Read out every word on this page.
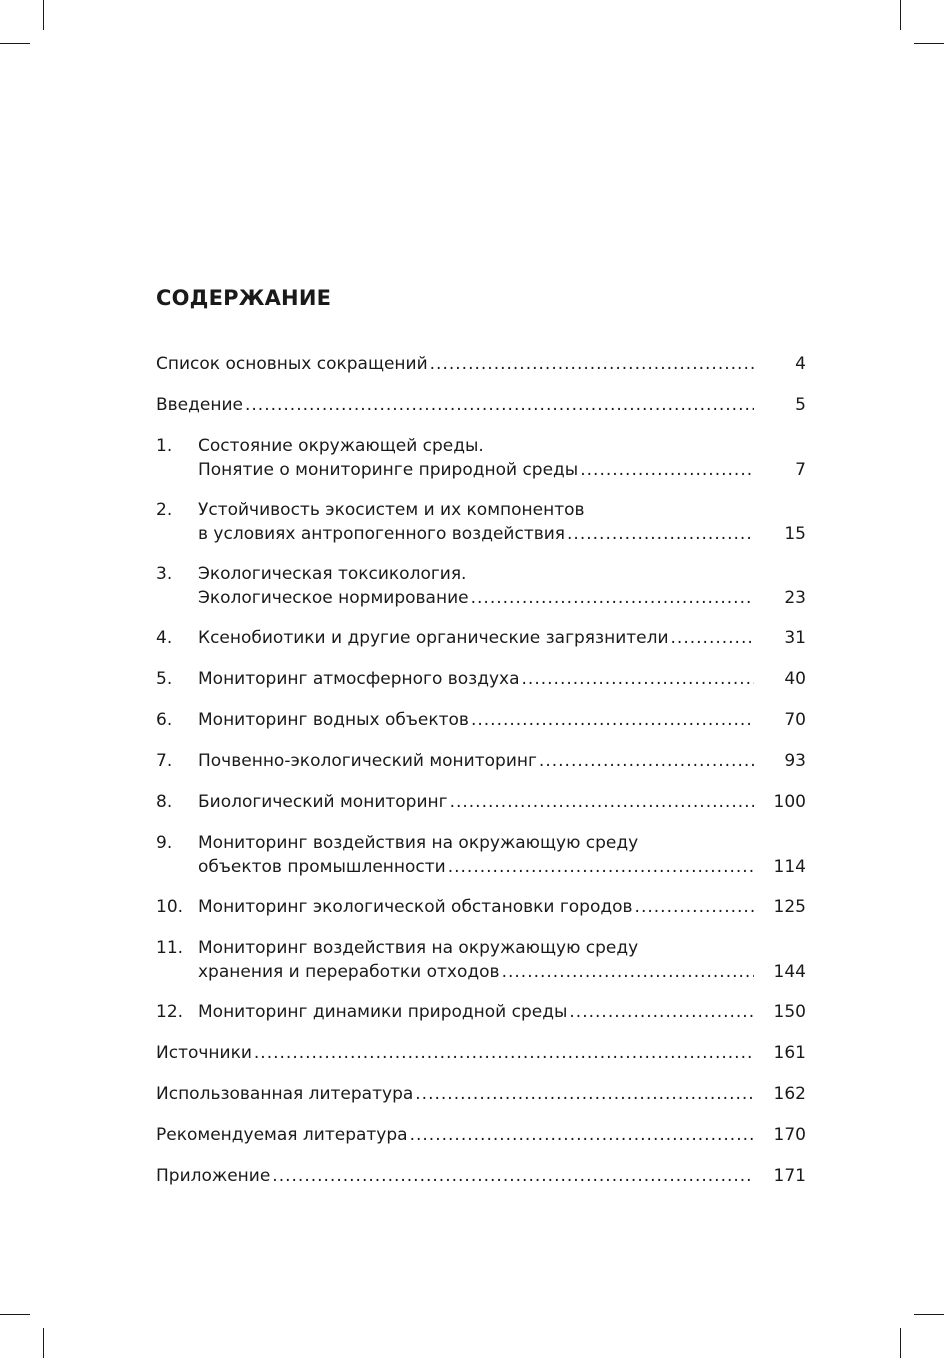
СОДЕРЖАНИЕ
Список основных сокращений .....	4
Введение .....	5
1. Состояние окружающей среды.
Понятие о мониторинге природной среды .....	7
2. Устойчивость экосистем и их компонентов
в условиях антропогенного воздействия .....	15
3. Экологическая токсикология.
Экологическое нормирование .....	23
4. Ксенобиотики и другие органические загрязнители .....	31
5. Мониторинг атмосферного воздуха .....	40
6. Мониторинг водных объектов .....	70
7. Почвенно-экологический мониторинг .....	93
8. Биологический мониторинг .....	100
9. Мониторинг воздействия на окружающую среду
объектов промышленности .....	114
10. Мониторинг экологической обстановки городов .....	125
11. Мониторинг воздействия на окружающую среду
хранения и переработки отходов .....	144
12. Мониторинг динамики природной среды .....	150
Источники .....	161
Использованная литература .....	162
Рекомендуемая литература .....	170
Приложение .....	171
